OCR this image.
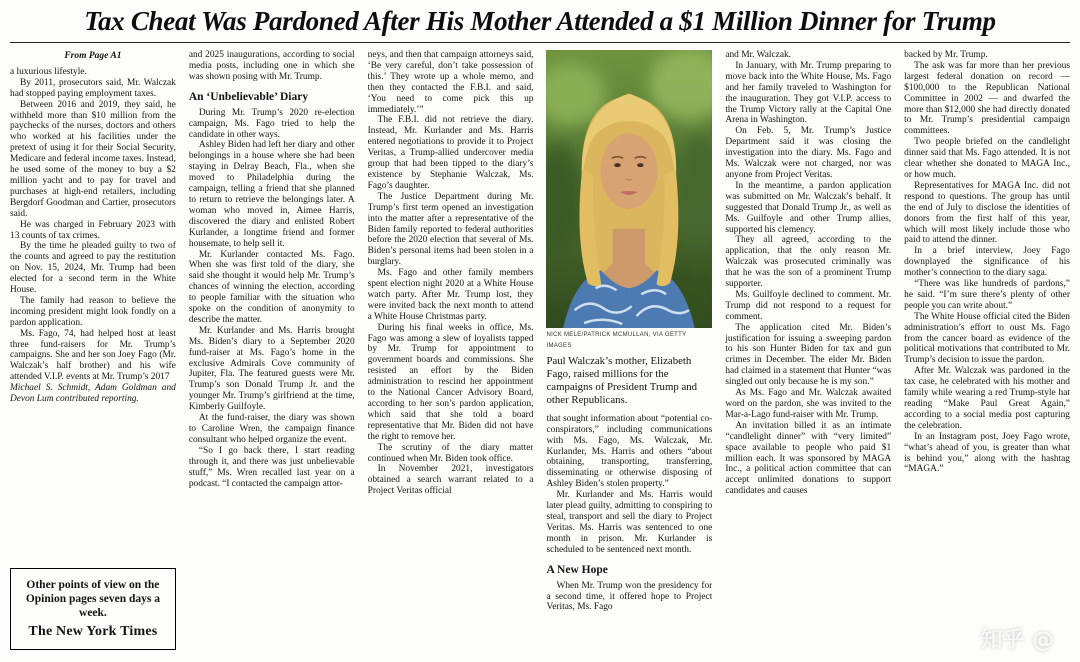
Tax Cheat Was Pardoned After His Mother Attended a $1 Million Dinner for Trump
From Page A1

a luxurious lifestyle.

By 2011, prosecutors said, Mr. Walczak had stopped paying employment taxes.

Between 2016 and 2019, they said, he withheld more than $10 million from the paychecks of the nurses, doctors and others who worked at his facilities under the pretext of using it for their Social Security, Medicare and federal income taxes. Instead, he used some of the money to buy a $2 million yacht and to pay for travel and purchases at high-end retailers, including Bergdorf Goodman and Cartier, prosecutors said.

He was charged in February 2023 with 13 counts of tax crimes.

By the time he pleaded guilty to two of the counts and agreed to pay the restitution on Nov. 15, 2024, Mr. Trump had been elected for a second term in the White House.

The family had reason to believe the incoming president might look fondly on a pardon application.

Ms. Fago, 74, had helped host at least three fund-raisers for Mr. Trump’s campaigns. She and her son Joey Fago (Mr. Walczak’s half brother) and his wife attended V.I.P. events at Mr. Trump’s 2017

Michael S. Schmidt, Adam Goldman and Devon Lum contributed reporting.

Other points of view on the Opinion pages seven days a week.
The New York Times

and 2025 inaugurations, according to social media posts, including one in which she was shown posing with Mr. Trump.

An ‘Unbelievable’ Diary

During Mr. Trump’s 2020 re-election campaign, Ms. Fago tried to help the candidate in other ways.

Ashley Biden had left her diary and other belongings in a house where she had been staying in Delray Beach, Fla., when she moved to Philadelphia during the campaign, telling a friend that she planned to return to retrieve the belongings later. A woman who moved in, Aimee Harris, discovered the diary and enlisted Robert Kurlander, a longtime friend and former housemate, to help sell it.

Mr. Kurlander contacted Ms. Fago. When she was first told of the diary, she said she thought it would help Mr. Trump’s chances of winning the election, according to people familiar with the situation who spoke on the condition of anonymity to describe the matter.

Mr. Kurlander and Ms. Harris brought Ms. Biden’s diary to a September 2020 fund-raiser at Ms. Fago’s home in the exclusive Admirals Cove community of Jupiter, Fla. The featured guests were Mr. Trump’s son Donald Trump Jr. and the younger Mr. Trump’s girlfriend at the time, Kimberly Guilfoyle.

At the fund-raiser, the diary was shown to Caroline Wren, the campaign finance consultant who helped organize the event.

“So I go back there, I start reading through it, and there was just unbelievable stuff,” Ms. Wren recalled last year on a podcast. “I contacted the campaign attor-

neys, and then that campaign attorneys said, ‘Be very careful, don’t take possession of this.’ They wrote up a whole memo, and then they contacted the F.B.I. and said, ‘You need to come pick this up immediately.’”

The F.B.I. did not retrieve the diary. Instead, Mr. Kurlander and Ms. Harris entered negotiations to provide it to Project Veritas, a Trump-allied undercover media group that had been tipped to the diary’s existence by Stephanie Walczak, Ms. Fago’s daughter.

The Justice Department during Mr. Trump’s first term opened an investigation into the matter after a representative of the Biden family reported to federal authorities before the 2020 election that several of Ms. Biden’s personal items had been stolen in a burglary.

Ms. Fago and other family members spent election night 2020 at a White House watch party. After Mr. Trump lost, they were invited back the next month to attend a White House Christmas party.

During his final weeks in office, Ms. Fago was among a slew of loyalists tapped by Mr. Trump for appointment to government boards and commissions. She resisted an effort by the Biden administration to rescind her appointment to the National Cancer Advisory Board, according to her son’s pardon application, which said that she told a board representative that Mr. Biden did not have the right to remove her.

The scrutiny of the diary matter continued when Mr. Biden took office.

In November 2021, investigators obtained a search warrant related to a Project Veritas official

NICK MELE/PATRICK MCMULLAN, VIA GETTY IMAGES
Paul Walczak’s mother, Elizabeth Fago, raised millions for the campaigns of President Trump and other Republicans.

that sought information about “potential co-conspirators,” including communications with Ms. Fago, Ms. Walczak, Mr. Kurlander, Ms. Harris and others “about obtaining, transporting, transferring, disseminating or otherwise disposing of Ashley Biden’s stolen property.”

Mr. Kurlander and Ms. Harris would later plead guilty, admitting to conspiring to steal, transport and sell the diary to Project Veritas. Ms. Harris was sentenced to one month in prison. Mr. Kurlander is scheduled to be sentenced next month.

A New Hope

When Mr. Trump won the presidency for a second time, it offered hope to Project Veritas, Ms. Fago

and Mr. Walczak.

In January, with Mr. Trump preparing to move back into the White House, Ms. Fago and her family traveled to Washington for the inauguration. They got V.I.P. access to the Trump Victory rally at the Capital One Arena in Washington.

On Feb. 5, Mr. Trump’s Justice Department said it was closing the investigation into the diary. Ms. Fago and Ms. Walczak were not charged, nor was anyone from Project Veritas.

In the meantime, a pardon application was submitted on Mr. Walczak’s behalf. It suggested that Donald Trump Jr., as well as Ms. Guilfoyle and other Trump allies, supported his clemency.

They all agreed, according to the application, that the only reason Mr. Walczak was prosecuted criminally was that he was the son of a prominent Trump supporter.

Ms. Guilfoyle declined to comment. Mr. Trump did not respond to a request for comment.

The application cited Mr. Biden’s justification for issuing a sweeping pardon to his son Hunter Biden for tax and gun crimes in December. The elder Mr. Biden had claimed in a statement that Hunter “was singled out only because he is my son.”

As Ms. Fago and Mr. Walczak awaited word on the pardon, she was invited to the Mar-a-Lago fund-raiser with Mr. Trump.

An invitation billed it as an intimate “candlelight dinner” with “very limited” space available to people who paid $1 million each. It was sponsored by MAGA Inc., a political action committee that can accept unlimited donations to support candidates and causes

backed by Mr. Trump.

The ask was far more than her previous largest federal donation on record — $100,000 to the Republican National Committee in 2002 — and dwarfed the more than $12,000 she had directly donated to Mr. Trump’s presidential campaign committees.

Two people briefed on the candlelight dinner said that Ms. Fago attended. It is not clear whether she donated to MAGA Inc., or how much.

Representatives for MAGA Inc. did not respond to questions. The group has until the end of July to disclose the identities of donors from the first half of this year, which will most likely include those who paid to attend the dinner.

In a brief interview, Joey Fago downplayed the significance of his mother’s connection to the diary saga.

“There was like hundreds of pardons,” he said. “I’m sure there’s plenty of other people you can write about.”

The White House official cited the Biden administration’s effort to oust Ms. Fago from the cancer board as evidence of the political motivations that contributed to Mr. Trump’s decision to issue the pardon.

After Mr. Walczak was pardoned in the tax case, he celebrated with his mother and family while wearing a red Trump-style hat reading “Make Paul Great Again,” according to a social media post capturing the celebration.

In an Instagram post, Joey Fago wrote, “what’s ahead of you, is greater than what is behind you,” along with the hashtag “MAGA.”

知乎 @
